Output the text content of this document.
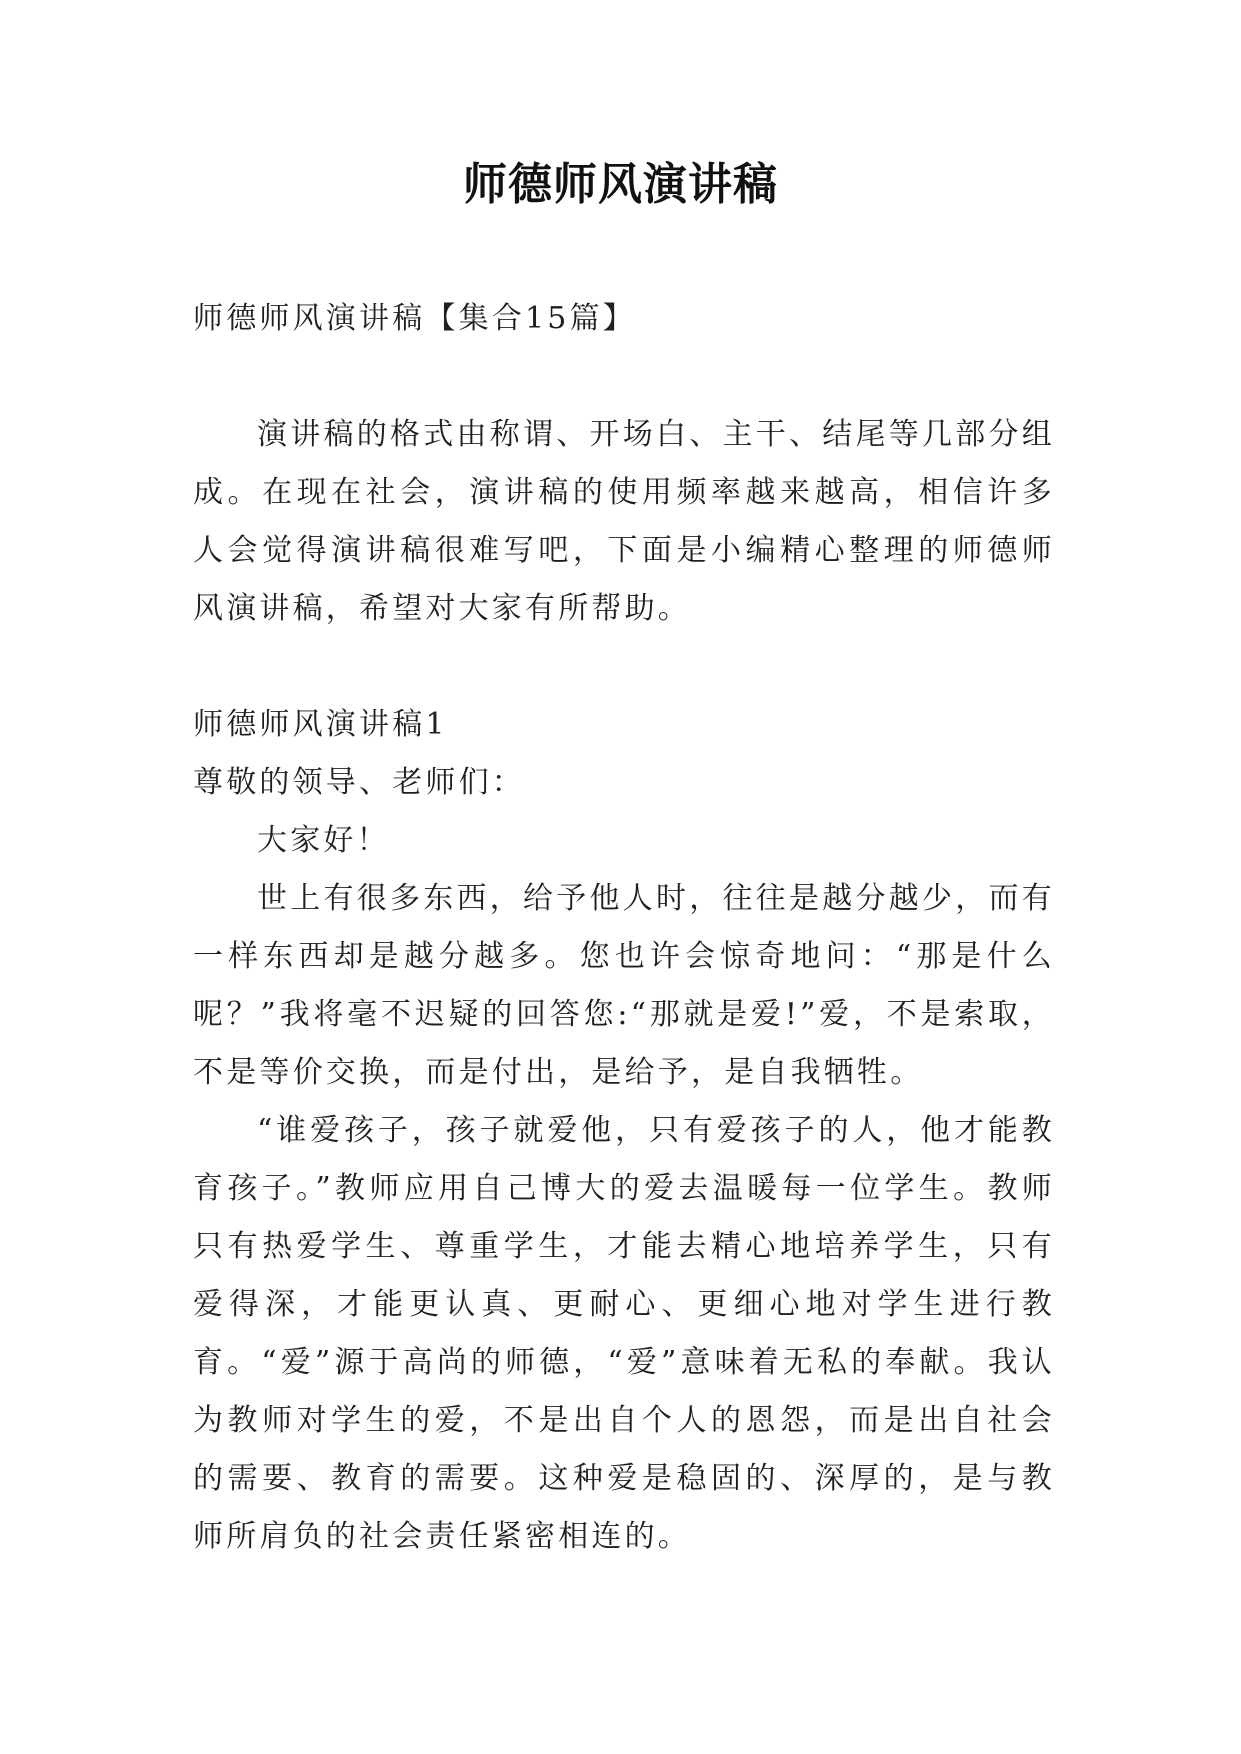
师德师风演讲稿

师德师风演讲稿【集合15篇】

演讲稿的格式由称谓、开场白、主干、结尾等几部分组成。在现在社会，演讲稿的使用频率越来越高，相信许多人会觉得演讲稿很难写吧，下面是小编精心整理的师德师风演讲稿，希望对大家有所帮助。

师德师风演讲稿1

尊敬的领导、老师们：

大家好！

世上有很多东西，给予他人时，往往是越分越少，而有一样东西却是越分越多。您也许会惊奇地问：“那是什么呢？”我将毫不迟疑的回答您:“那就是爱!”爱，不是索取，不是等价交换，而是付出，是给予，是自我牺牲。

“谁爱孩子，孩子就爱他，只有爱孩子的人，他才能教育孩子。”教师应用自己博大的爱去温暖每一位学生。教师只有热爱学生、尊重学生，才能去精心地培养学生，只有爱得深，才能更认真、更耐心、更细心地对学生进行教育。“爱”源于高尚的师德，“爱”意味着无私的奉献。我认为教师对学生的爱，不是出自个人的恩怨，而是出自社会的需要、教育的需要。这种爱是稳固的、深厚的，是与教师所肩负的社会责任紧密相连的。
